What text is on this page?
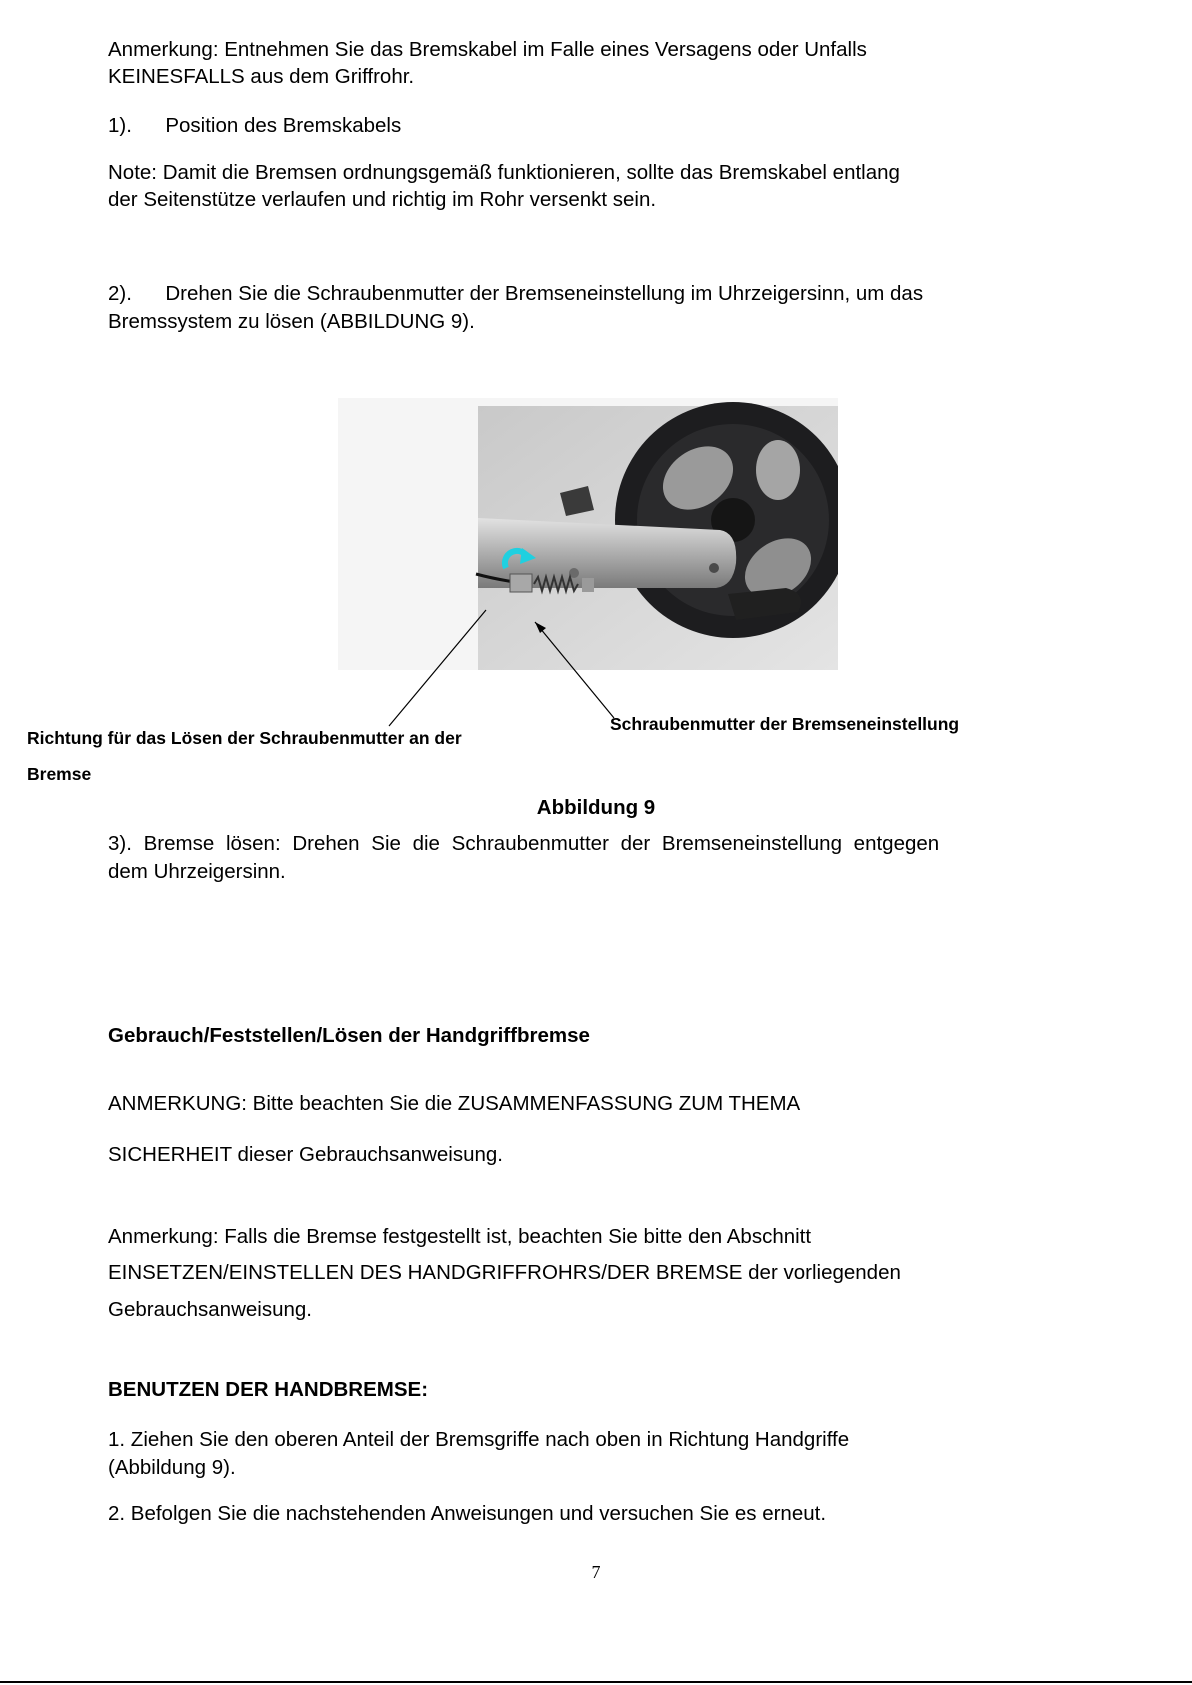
Anmerkung: Entnehmen Sie das Bremskabel im Falle eines Versagens oder Unfalls

KEINESFALLS aus dem Griffrohr.

1). Position des Bremskabels

Note: Damit die Bremsen ordnungsgemäß funktionieren, sollte das Bremskabel entlang

der Seitenstütze verlaufen und richtig im Rohr versenkt sein.

2). Drehen Sie die Schraubenmutter der Bremseneinstellung im Uhrzeigersinn, um das

Bremssystem zu lösen (ABBILDUNG 9).

Richtung für das Lösen der Schraubenmutter an der
Bremse
Schraubenmutter der Bremseneinstellung
Abbildung 9

3). Bremse lösen: Drehen Sie die Schraubenmutter der Bremseneinstellung entgegen

dem Uhrzeigersinn.

Gebrauch/Feststellen/Lösen der Handgriffbremse

ANMERKUNG: Bitte beachten Sie die ZUSAMMENFASSUNG ZUM THEMA

SICHERHEIT dieser Gebrauchsanweisung.

Anmerkung: Falls die Bremse festgestellt ist, beachten Sie bitte den Abschnitt

EINSETZEN/EINSTELLEN DES HANDGRIFFROHRS/DER BREMSE der vorliegenden

Gebrauchsanweisung.

BENUTZEN DER HANDBREMSE:

1. Ziehen Sie den oberen Anteil der Bremsgriffe nach oben in Richtung Handgriffe

(Abbildung 9).

2. Befolgen Sie die nachstehenden Anweisungen und versuchen Sie es erneut.

7
